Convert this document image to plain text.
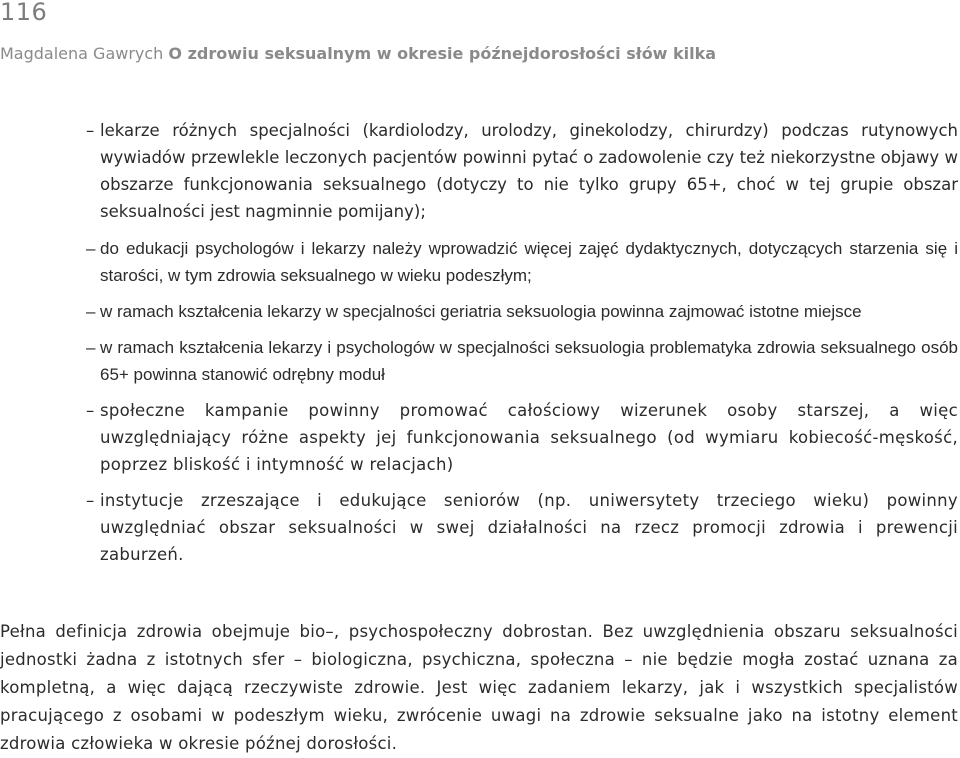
116
Magdalena Gawrych O zdrowiu seksualnym w okresie późnejdorosłości słów kilka
– lekarze różnych specjalności (kardiolodzy, urolodzy, ginekolodzy, chirurdzy) podczas rutynowych wywiadów przewlekle leczonych pacjentów powinni pytać o zadowolenie czy też niekorzystne objawy w obszarze funkcjonowania seksualnego (dotyczy to nie tylko grupy 65+, choć w tej grupie obszar seksualności jest nagminnie pomijany);
– do edukacji psychologów i lekarzy należy wprowadzić więcej zajęć dydaktycznych, dotyczących starzenia się i starości, w tym zdrowia seksualnego w wieku podeszłym;
– w ramach kształcenia lekarzy w specjalności geriatria seksuologia powinna zajmować istotne miejsce
– w ramach kształcenia lekarzy i psychologów w specjalności seksuologia problematyka zdrowia seksualnego osób 65+ powinna stanowić odrębny moduł
– społeczne kampanie powinny promować całościowy wizerunek osoby starszej, a więc uwzględniający różne aspekty jej funkcjonowania seksualnego (od wymiaru kobiecość-męskość, poprzez bliskość i intymność w relacjach)
– instytucje zrzeszające i edukujące seniorów (np. uniwersytety trzeciego wieku) powinny uwzględniać obszar seksualności w swej działalności na rzecz promocji zdrowia i prewencji zaburzeń.

Pełna definicja zdrowia obejmuje bio–, psychospołeczny dobrostan. Bez uwzględnienia obszaru seksualności jednostki żadna z istotnych sfer – biologiczna, psychiczna, społeczna – nie będzie mogła zostać uznana za kompletną, a więc dającą rzeczywiste zdrowie. Jest więc zadaniem lekarzy, jak i wszystkich specjalistów pracującego z osobami w podeszłym wieku, zwrócenie uwagi na zdrowie seksualne jako na istotny element zdrowia człowieka w okresie późnej dorosłości.
